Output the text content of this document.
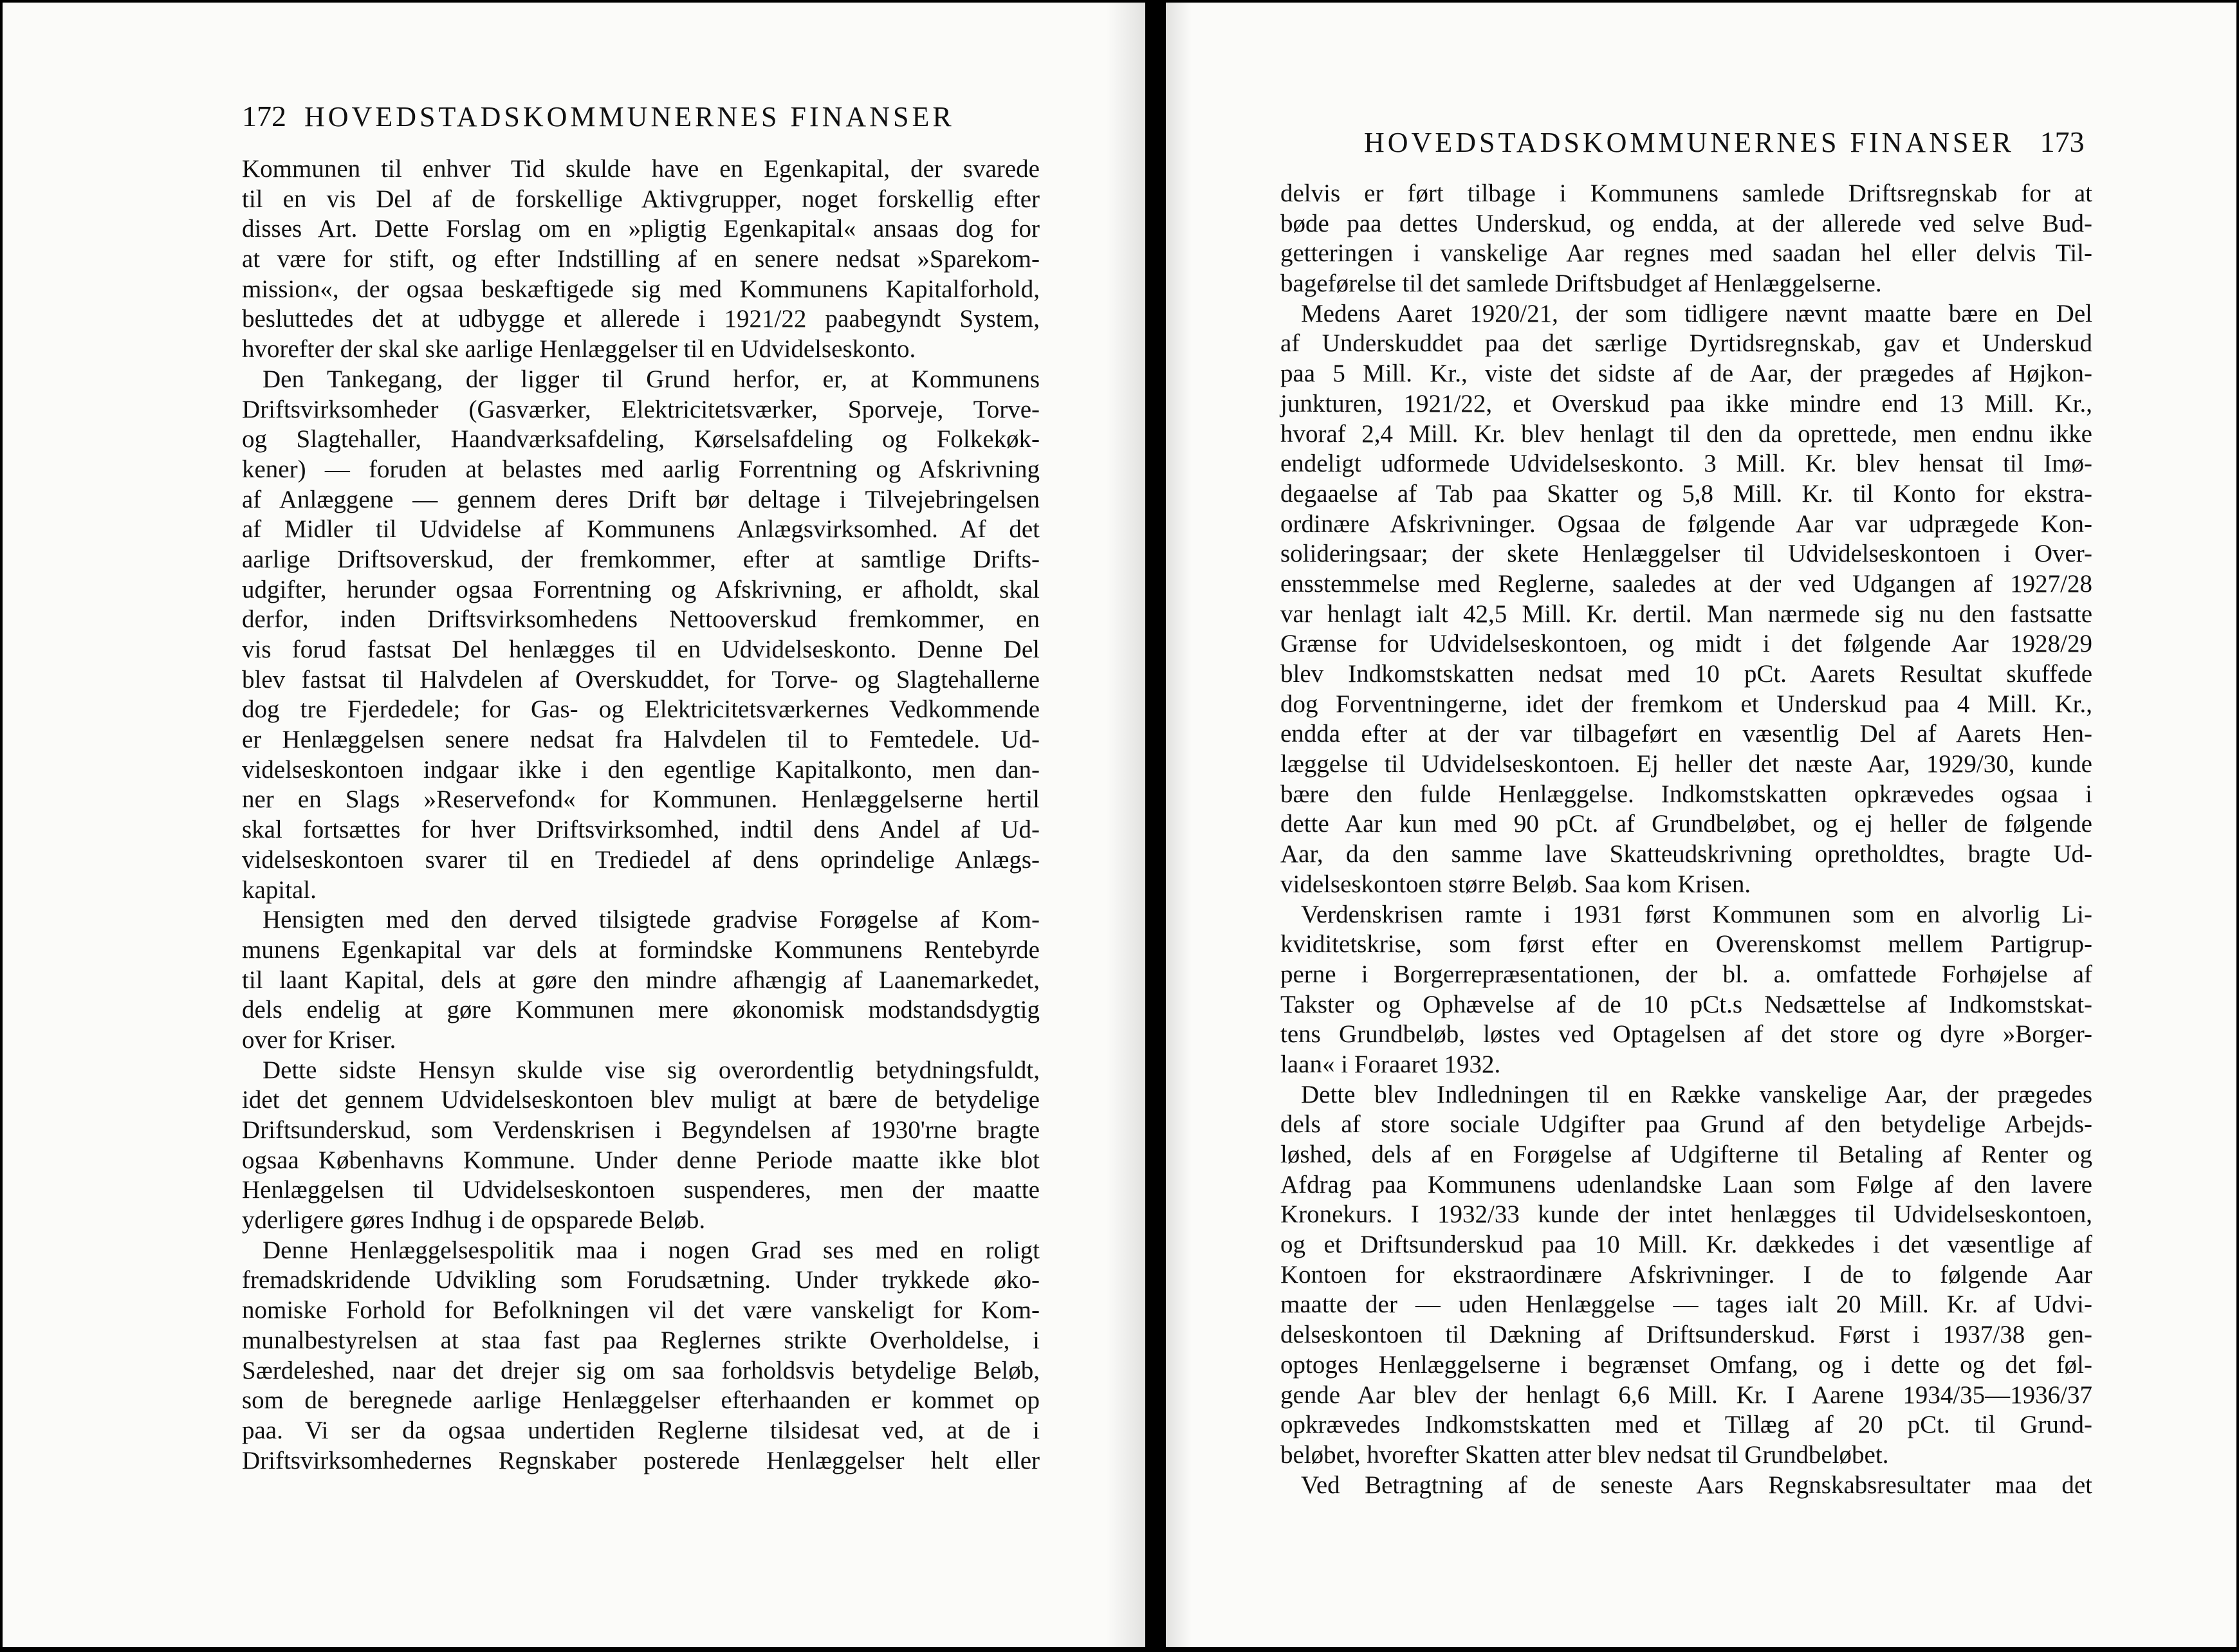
172 HOVEDSTADSKOMMUNERNES FINANSER
Kommunen til enhver Tid skulde have en Egenkapital, der svarede
til en vis Del af de forskellige Aktivgrupper, noget forskellig efter
disses Art. Dette Forslag om en »pligtig Egenkapital« ansaas dog for
at være for stift, og efter Indstilling af en senere nedsat »Sparekom-
mission«, der ogsaa beskæftigede sig med Kommunens Kapitalforhold,
besluttedes det at udbygge et allerede i 1921/22 paabegyndt System,
hvorefter der skal ske aarlige Henlæggelser til en Udvidelseskonto.
Den Tankegang, der ligger til Grund herfor, er, at Kommunens
Driftsvirksomheder (Gasværker, Elektricitetsværker, Sporveje, Torve-
og Slagtehaller, Haandværksafdeling, Kørselsafdeling og Folkekøk-
kener) — foruden at belastes med aarlig Forrentning og Afskrivning
af Anlæggene — gennem deres Drift bør deltage i Tilvejebringelsen
af Midler til Udvidelse af Kommunens Anlægsvirksomhed. Af det
aarlige Driftsoverskud, der fremkommer, efter at samtlige Drifts-
udgifter, herunder ogsaa Forrentning og Afskrivning, er afholdt, skal
derfor, inden Driftsvirksomhedens Nettooverskud fremkommer, en
vis forud fastsat Del henlægges til en Udvidelseskonto. Denne Del
blev fastsat til Halvdelen af Overskuddet, for Torve- og Slagtehallerne
dog tre Fjerdedele; for Gas- og Elektricitetsværkernes Vedkommende
er Henlæggelsen senere nedsat fra Halvdelen til to Femtedele. Ud-
videlseskontoen indgaar ikke i den egentlige Kapitalkonto, men dan-
ner en Slags »Reservefond« for Kommunen. Henlæggelserne hertil
skal fortsættes for hver Driftsvirksomhed, indtil dens Andel af Ud-
videlseskontoen svarer til en Trediedel af dens oprindelige Anlægs-
kapital.
Hensigten med den derved tilsigtede gradvise Forøgelse af Kom-
munens Egenkapital var dels at formindske Kommunens Rentebyrde
til laant Kapital, dels at gøre den mindre afhængig af Laanemarkedet,
dels endelig at gøre Kommunen mere økonomisk modstandsdygtig
over for Kriser.
Dette sidste Hensyn skulde vise sig overordentlig betydningsfuldt,
idet det gennem Udvidelseskontoen blev muligt at bære de betydelige
Driftsunderskud, som Verdenskrisen i Begyndelsen af 1930'rne bragte
ogsaa Københavns Kommune. Under denne Periode maatte ikke blot
Henlæggelsen til Udvidelseskontoen suspenderes, men der maatte
yderligere gøres Indhug i de opsparede Beløb.
Denne Henlæggelsespolitik maa i nogen Grad ses med en roligt
fremadskridende Udvikling som Forudsætning. Under trykkede øko-
nomiske Forhold for Befolkningen vil det være vanskeligt for Kom-
munalbestyrelsen at staa fast paa Reglernes strikte Overholdelse, i
Særdeleshed, naar det drejer sig om saa forholdsvis betydelige Beløb,
som de beregnede aarlige Henlæggelser efterhaanden er kommet op
paa. Vi ser da ogsaa undertiden Reglerne tilsidesat ved, at de i
Driftsvirksomhedernes Regnskaber posterede Henlæggelser helt eller
HOVEDSTADSKOMMUNERNES FINANSER 173
delvis er ført tilbage i Kommunens samlede Driftsregnskab for at
bøde paa dettes Underskud, og endda, at der allerede ved selve Bud-
getteringen i vanskelige Aar regnes med saadan hel eller delvis Til-
bageførelse til det samlede Driftsbudget af Henlæggelserne.
Medens Aaret 1920/21, der som tidligere nævnt maatte bære en Del
af Underskuddet paa det særlige Dyrtidsregnskab, gav et Underskud
paa 5 Mill. Kr., viste det sidste af de Aar, der prægedes af Højkon-
junkturen, 1921/22, et Overskud paa ikke mindre end 13 Mill. Kr.,
hvoraf 2,4 Mill. Kr. blev henlagt til den da oprettede, men endnu ikke
endeligt udformede Udvidelseskonto. 3 Mill. Kr. blev hensat til Imø-
degaaelse af Tab paa Skatter og 5,8 Mill. Kr. til Konto for ekstra-
ordinære Afskrivninger. Ogsaa de følgende Aar var udprægede Kon-
solideringsaar; der skete Henlæggelser til Udvidelseskontoen i Over-
ensstemmelse med Reglerne, saaledes at der ved Udgangen af 1927/28
var henlagt ialt 42,5 Mill. Kr. dertil. Man nærmede sig nu den fastsatte
Grænse for Udvidelseskontoen, og midt i det følgende Aar 1928/29
blev Indkomstskatten nedsat med 10 pCt. Aarets Resultat skuffede
dog Forventningerne, idet der fremkom et Underskud paa 4 Mill. Kr.,
endda efter at der var tilbageført en væsentlig Del af Aarets Hen-
læggelse til Udvidelseskontoen. Ej heller det næste Aar, 1929/30, kunde
bære den fulde Henlæggelse. Indkomstskatten opkrævedes ogsaa i
dette Aar kun med 90 pCt. af Grundbeløbet, og ej heller de følgende
Aar, da den samme lave Skatteudskrivning opretholdtes, bragte Ud-
videlseskontoen større Beløb. Saa kom Krisen.
Verdenskrisen ramte i 1931 først Kommunen som en alvorlig Li-
kviditetskrise, som først efter en Overenskomst mellem Partigrup-
perne i Borgerrepræsentationen, der bl. a. omfattede Forhøjelse af
Takster og Ophævelse af de 10 pCt.s Nedsættelse af Indkomstskat-
tens Grundbeløb, løstes ved Optagelsen af det store og dyre »Borger-
laan« i Foraaret 1932.
Dette blev Indledningen til en Række vanskelige Aar, der prægedes
dels af store sociale Udgifter paa Grund af den betydelige Arbejds-
løshed, dels af en Forøgelse af Udgifterne til Betaling af Renter og
Afdrag paa Kommunens udenlandske Laan som Følge af den lavere
Kronekurs. I 1932/33 kunde der intet henlægges til Udvidelseskontoen,
og et Driftsunderskud paa 10 Mill. Kr. dækkedes i det væsentlige af
Kontoen for ekstraordinære Afskrivninger. I de to følgende Aar
maatte der — uden Henlæggelse — tages ialt 20 Mill. Kr. af Udvi-
delseskontoen til Dækning af Driftsunderskud. Først i 1937/38 gen-
optoges Henlæggelserne i begrænset Omfang, og i dette og det føl-
gende Aar blev der henlagt 6,6 Mill. Kr. I Aarene 1934/35—1936/37
opkrævedes Indkomstskatten med et Tillæg af 20 pCt. til Grund-
beløbet, hvorefter Skatten atter blev nedsat til Grundbeløbet.
Ved Betragtning af de seneste Aars Regnskabsresultater maa det
